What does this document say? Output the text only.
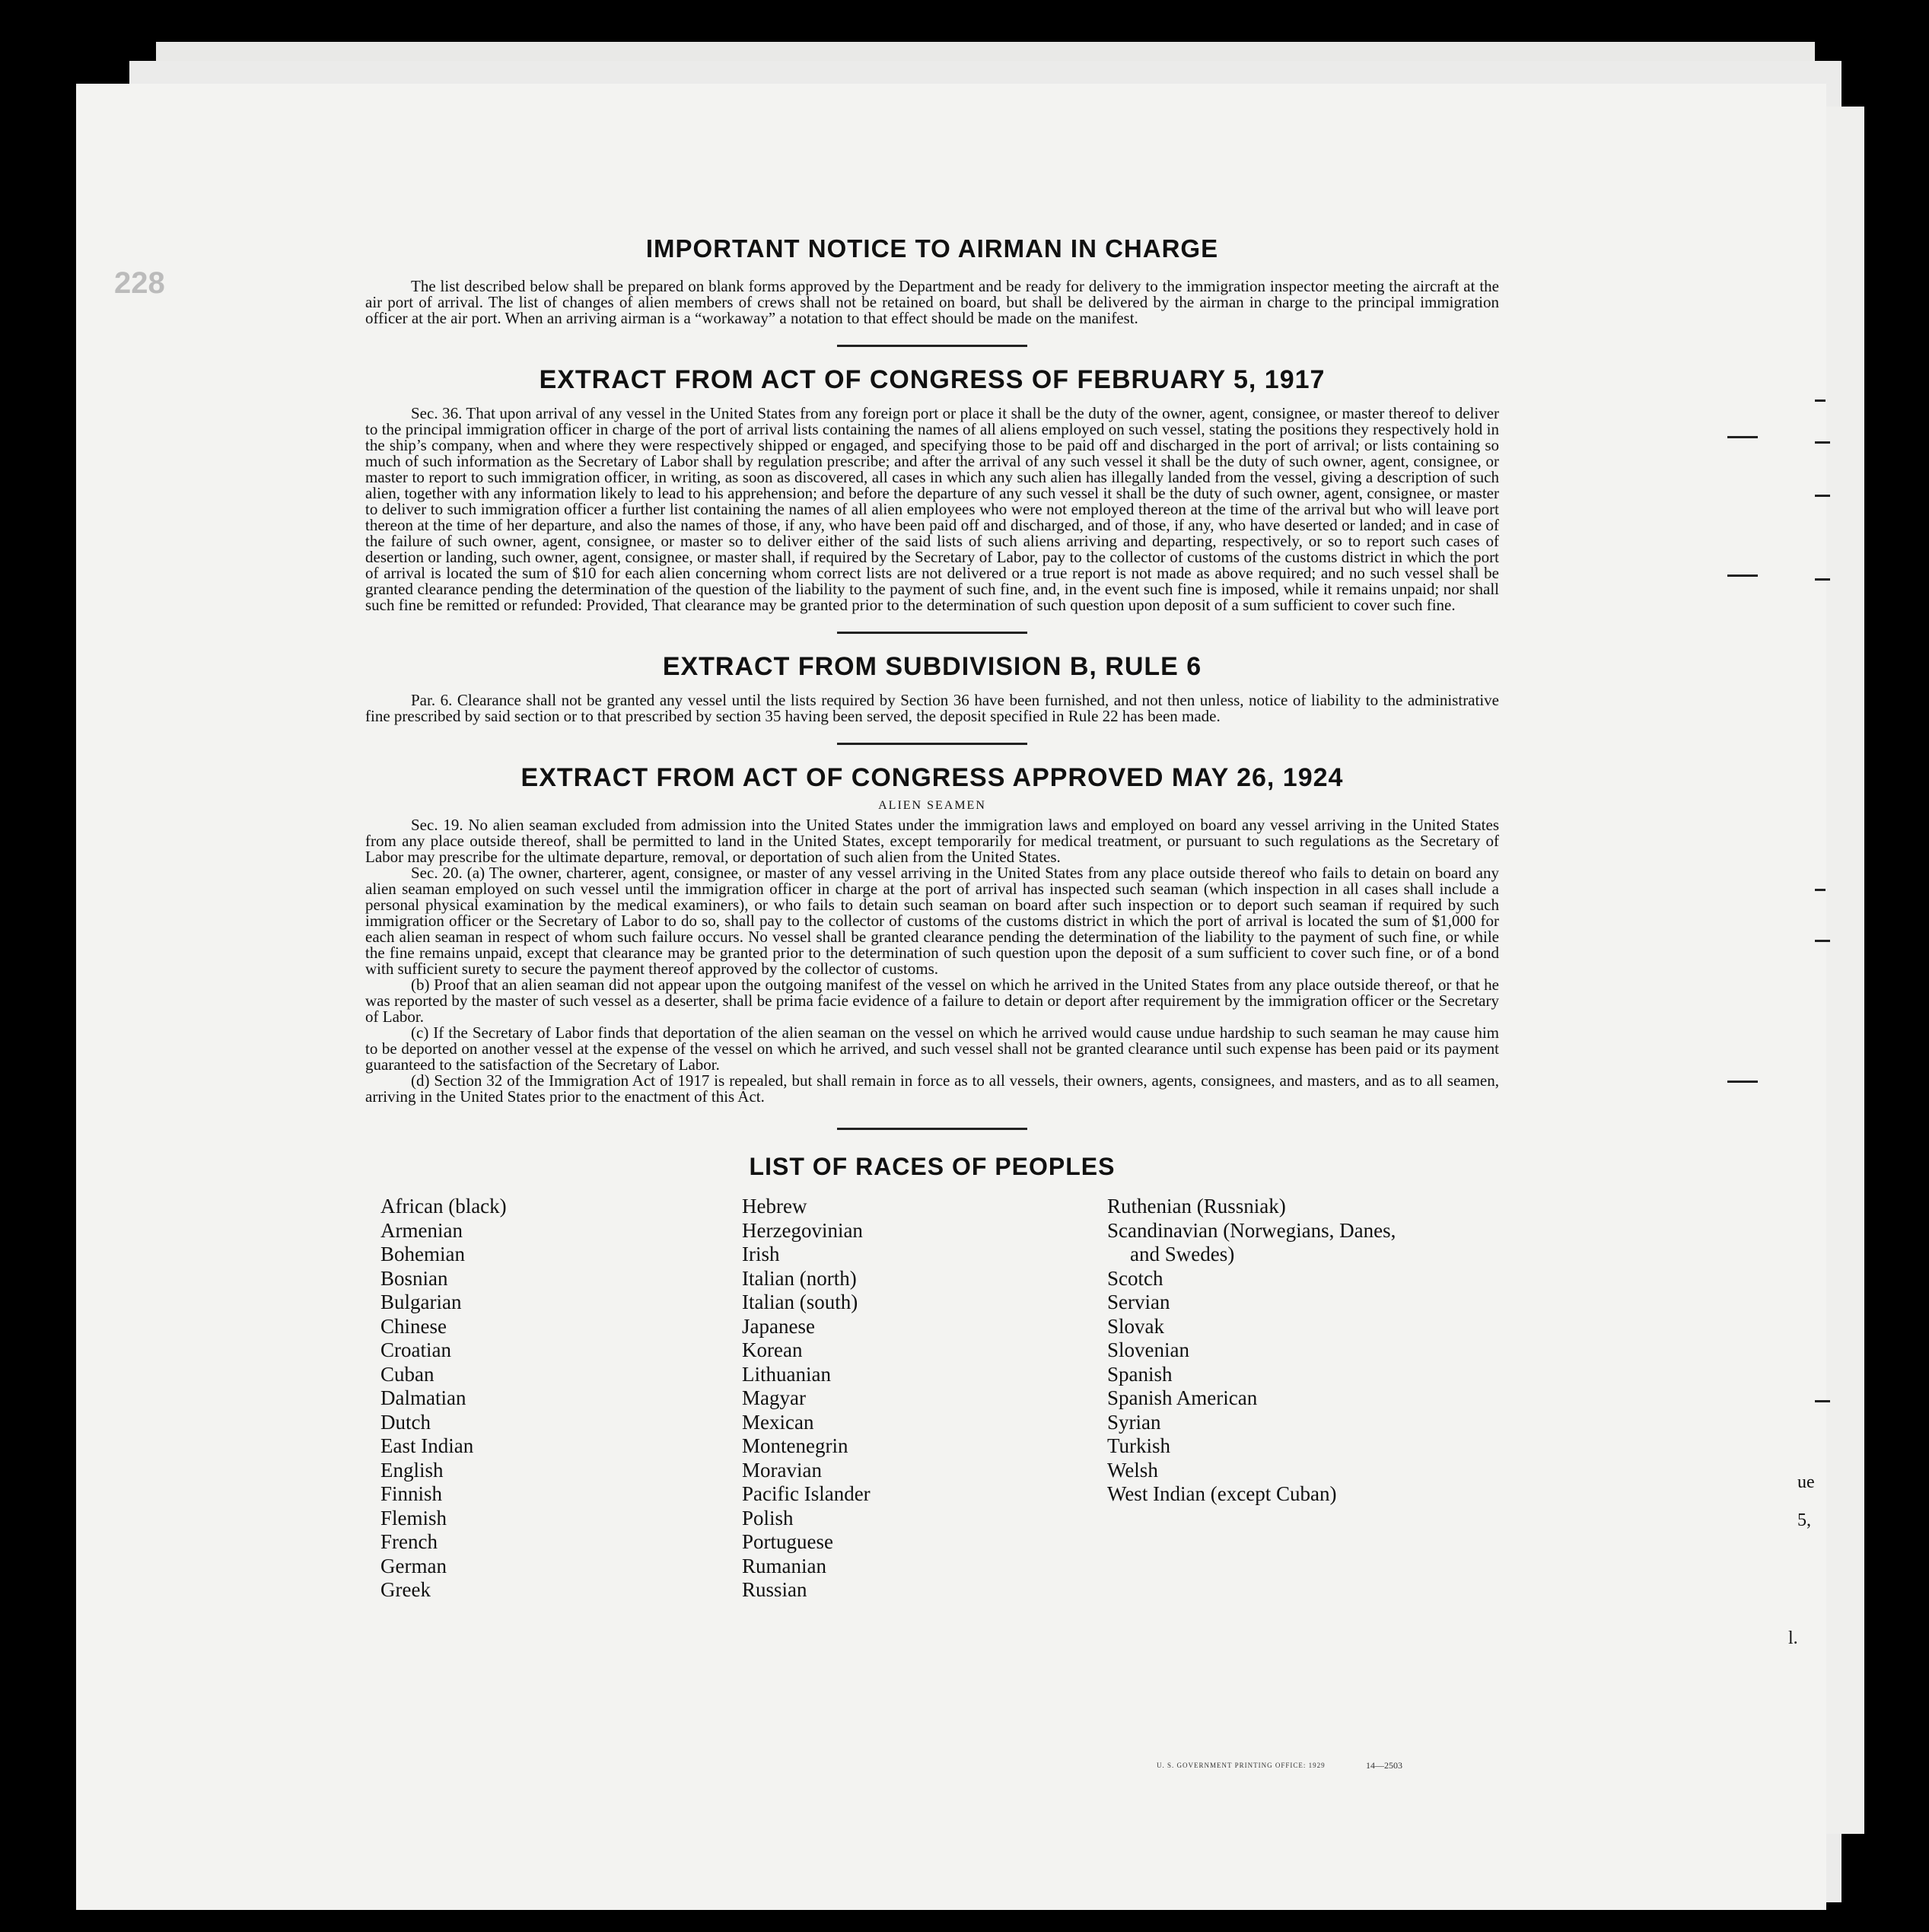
228
IMPORTANT NOTICE TO AIRMAN IN CHARGE

The list described below shall be prepared on blank forms approved by the Department and be ready for delivery to the immigration inspector meeting the aircraft at the air port of arrival. The list of changes of alien members of crews shall not be retained on board, but shall be delivered by the airman in charge to the principal immigration officer at the air port. When an arriving airman is a “workaway” a notation to that effect should be made on the manifest.

EXTRACT FROM ACT OF CONGRESS OF FEBRUARY 5, 1917

Sec. 36. That upon arrival of any vessel in the United States from any foreign port or place it shall be the duty of the owner, agent, consignee, or master thereof to deliver to the principal immigration officer in charge of the port of arrival lists containing the names of all aliens employed on such vessel, stating the positions they respectively hold in the ship’s company, when and where they were respectively shipped or engaged, and specifying those to be paid off and discharged in the port of arrival; or lists containing so much of such information as the Secretary of Labor shall by regulation prescribe; and after the arrival of any such vessel it shall be the duty of such owner, agent, consignee, or master to report to such immigration officer, in writing, as soon as discovered, all cases in which any such alien has illegally landed from the vessel, giving a description of such alien, together with any information likely to lead to his apprehension; and before the departure of any such vessel it shall be the duty of such owner, agent, consignee, or master to deliver to such immigration officer a further list containing the names of all alien employees who were not employed thereon at the time of the arrival but who will leave port thereon at the time of her departure, and also the names of those, if any, who have been paid off and discharged, and of those, if any, who have deserted or landed; and in case of the failure of such owner, agent, consignee, or master so to deliver either of the said lists of such aliens arriving and departing, respectively, or so to report such cases of desertion or landing, such owner, agent, consignee, or master shall, if required by the Secretary of Labor, pay to the collector of customs of the customs district in which the port of arrival is located the sum of $10 for each alien concerning whom correct lists are not delivered or a true report is not made as above required; and no such vessel shall be granted clearance pending the determination of the question of the liability to the payment of such fine, and, in the event such fine is imposed, while it remains unpaid; nor shall such fine be remitted or refunded: Provided, That clearance may be granted prior to the determination of such question upon deposit of a sum sufficient to cover such fine.

EXTRACT FROM SUBDIVISION B, RULE 6

Par. 6. Clearance shall not be granted any vessel until the lists required by Section 36 have been furnished, and not then unless, notice of liability to the administrative fine prescribed by said section or to that prescribed by section 35 having been served, the deposit specified in Rule 22 has been made.

EXTRACT FROM ACT OF CONGRESS APPROVED MAY 26, 1924
ALIEN SEAMEN

Sec. 19. No alien seaman excluded from admission into the United States under the immigration laws and employed on board any vessel arriving in the United States from any place outside thereof, shall be permitted to land in the United States, except temporarily for medical treatment, or pursuant to such regulations as the Secretary of Labor may prescribe for the ultimate departure, removal, or deportation of such alien from the United States.

Sec. 20. (a) The owner, charterer, agent, consignee, or master of any vessel arriving in the United States from any place outside thereof who fails to detain on board any alien seaman employed on such vessel until the immigration officer in charge at the port of arrival has inspected such seaman (which inspection in all cases shall include a personal physical examination by the medical examiners), or who fails to detain such seaman on board after such inspection or to deport such seaman if required by such immigration officer or the Secretary of Labor to do so, shall pay to the collector of customs of the customs district in which the port of arrival is located the sum of $1,000 for each alien seaman in respect of whom such failure occurs. No vessel shall be granted clearance pending the determination of the liability to the payment of such fine, or while the fine remains unpaid, except that clearance may be granted prior to the determination of such question upon the deposit of a sum sufficient to cover such fine, or of a bond with sufficient surety to secure the payment thereof approved by the collector of customs.

(b) Proof that an alien seaman did not appear upon the outgoing manifest of the vessel on which he arrived in the United States from any place outside thereof, or that he was reported by the master of such vessel as a deserter, shall be prima facie evidence of a failure to detain or deport after requirement by the immigration officer or the Secretary of Labor.

(c) If the Secretary of Labor finds that deportation of the alien seaman on the vessel on which he arrived would cause undue hardship to such seaman he may cause him to be deported on another vessel at the expense of the vessel on which he arrived, and such vessel shall not be granted clearance until such expense has been paid or its payment guaranteed to the satisfaction of the Secretary of Labor.

(d) Section 32 of the Immigration Act of 1917 is repealed, but shall remain in force as to all vessels, their owners, agents, consignees, and masters, and as to all seamen, arriving in the United States prior to the enactment of this Act.

LIST OF RACES OF PEOPLES
African (black)
Armenian
Bohemian
Bosnian
Bulgarian
Chinese
Croatian
Cuban
Dalmatian
Dutch
East Indian
English
Finnish
Flemish
French
German
Greek
Hebrew
Herzegovinian
Irish
Italian (north)
Italian (south)
Japanese
Korean
Lithuanian
Magyar
Mexican
Montenegrin
Moravian
Pacific Islander
Polish
Portuguese
Rumanian
Russian
Ruthenian (Russniak)
Scandinavian (Norwegians, Danes,
and Swedes)
Scotch
Servian
Slovak
Slovenian
Spanish
Spanish American
Syrian
Turkish
Welsh
West Indian (except Cuban)
U. S. GOVERNMENT PRINTING OFFICE: 1929	14—2503
ue
5,
l.
